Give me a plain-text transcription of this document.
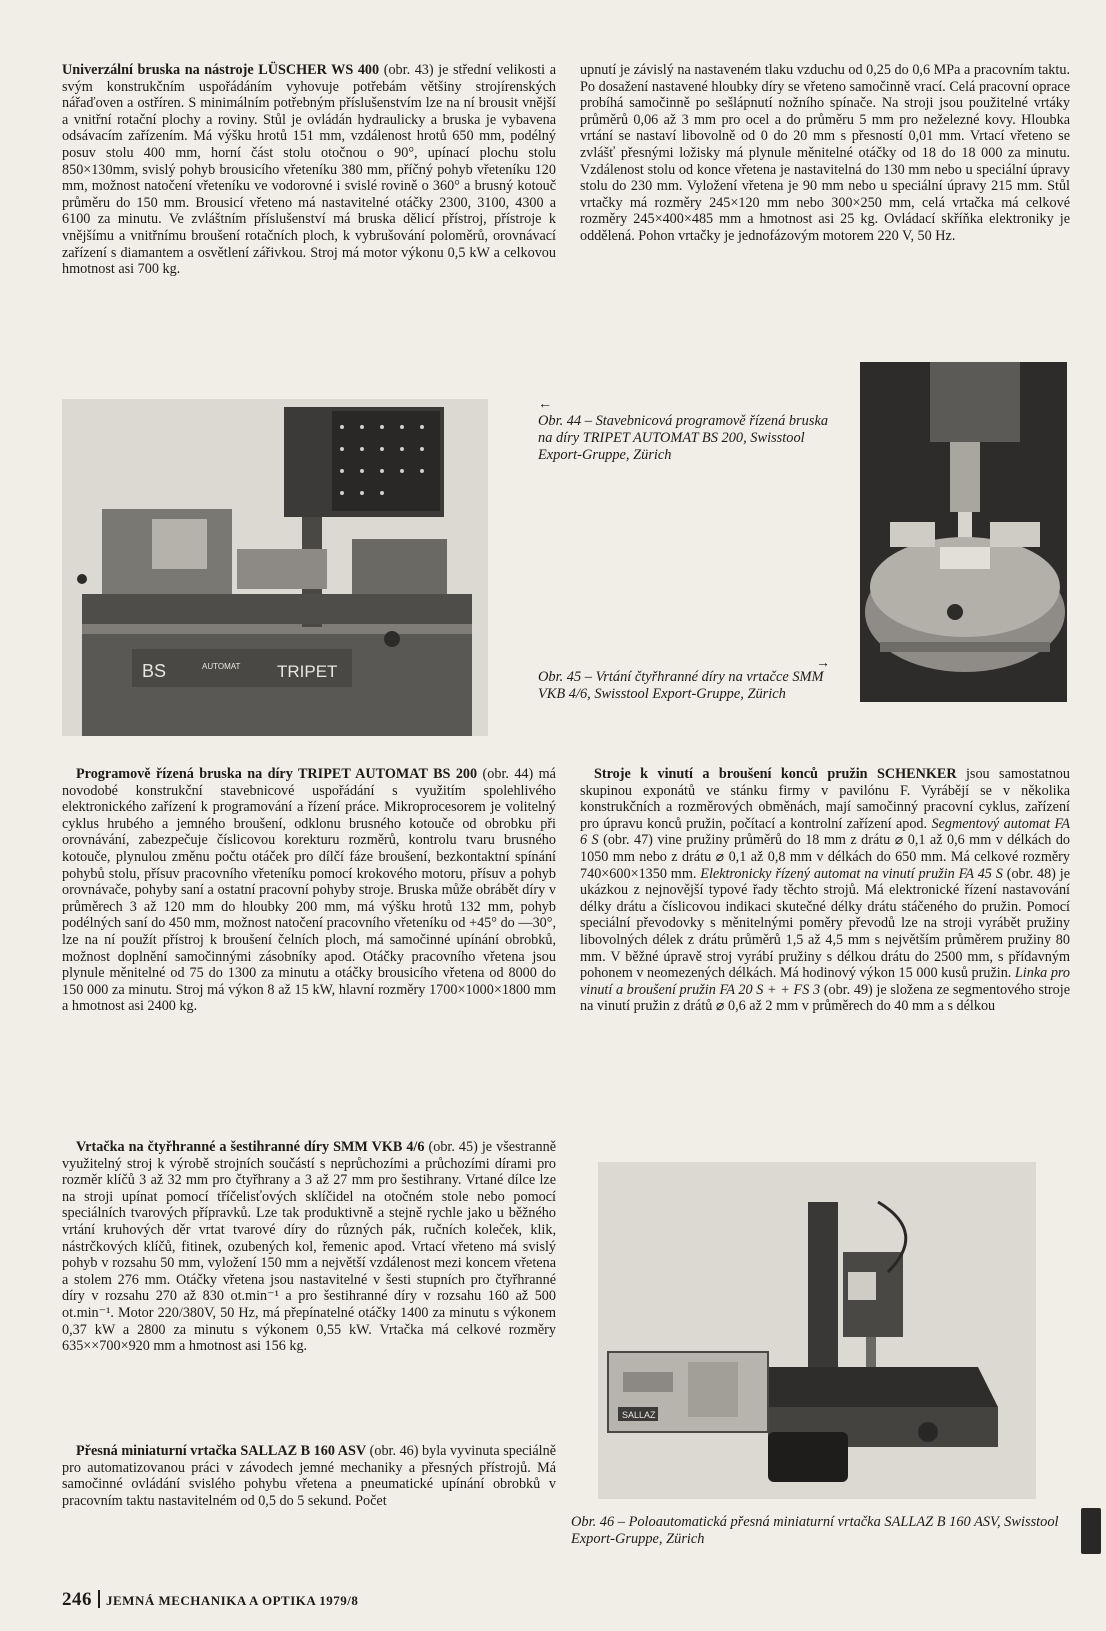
Univerzální bruska na nástroje LÜSCHER WS 400 (obr. 43) je střední velikosti a svým konstrukčním uspořádáním vyhovuje potřebám většiny strojírenských nářaďoven a ostříren. S minimálním potřebným příslušenstvím lze na ní brousit vnější a vnitřní rotační plochy a roviny. Stůl je ovládán hydraulicky a bruska je vybavena odsávacím zařízením. Má výšku hrotů 151 mm, vzdálenost hrotů 650 mm, podélný posuv stolu 400 mm, horní část stolu otočnou o 90°, upínací plochu stolu 850×130mm, svislý pohyb brousicího vřeteníku 380 mm, příčný pohyb vřeteníku 120 mm, možnost natočení vřeteníku ve vodorovné i svislé rovině o 360° a brusný kotouč průměru do 150 mm. Brousicí vřeteno má nastavitelné otáčky 2300, 3100, 4300 a 6100 za minutu. Ve zvláštním příslušenství má bruska dělicí přístroj, přístroje k vnějšímu a vnitřnímu broušení rotačních ploch, k vybrušování poloměrů, orovnávací zařízení s diamantem a osvětlení zářivkou. Stroj má motor výkonu 0,5 kW a celkovou hmotnost asi 700 kg.

upnutí je závislý na nastaveném tlaku vzduchu od 0,25 do 0,6 MPa a pracovním taktu. Po dosažení nastavené hloubky díry se vřeteno samočinně vrací. Celá pracovní oprace probíhá samočinně po sešlápnutí nožního spínače. Na stroji jsou použitelné vrtáky průměrů 0,06 až 3 mm pro ocel a do průměru 5 mm pro neželezné kovy. Hloubka vrtání se nastaví libovolně od 0 do 20 mm s přesností 0,01 mm. Vrtací vřeteno se zvlášť přesnými ložisky má plynule měnitelné otáčky od 18 do 18 000 za minutu. Vzdálenost stolu od konce vřetena je nastavitelná do 130 mm nebo u speciální úpravy stolu do 230 mm. Vyložení vřetena je 90 mm nebo u speciální úpravy 215 mm. Stůl vrtačky má rozměry 245×120 mm nebo 300×250 mm, celá vrtačka má celkové rozměry 245×400×485 mm a hmotnost asi 25 kg. Ovládací skříňka elektroniky je oddělená. Pohon vrtačky je jednofázovým motorem 220 V, 50 Hz.

BS	AUTOMAT TRIPET
←
Obr. 44 – Stavebnicová programově řízená bruska na díry TRIPET AUTOMAT BS 200, Swisstool Export-Gruppe, Zürich
→
Obr. 45 – Vrtání čtyřhranné díry na vrtačce SMM VKB 4/6, Swisstool Export-Gruppe, Zürich

Programově řízená bruska na díry TRIPET AUTOMAT BS 200 (obr. 44) má novodobé konstrukční stavebnicové uspořádání s využitím spolehlivého elektronického zařízení k programování a řízení práce. Mikroprocesorem je volitelný cyklus hrubého a jemného broušení, odklonu brusného kotouče od obrobku při orovnávání, zabezpečuje číslicovou korekturu rozměrů, kontrolu tvaru brusného kotouče, plynulou změnu počtu otáček pro dílčí fáze broušení, bezkontaktní spínání pohybů stolu, přísuv pracovního vřeteníku pomocí krokového motoru, přísuv a pohyb orovnávače, pohyby saní a ostatní pracovní pohyby stroje. Bruska může obrábět díry v průměrech 3 až 120 mm do hloubky 200 mm, má výšku hrotů 132 mm, pohyb podélných saní do 450 mm, možnost natočení pracovního vřeteníku od +45° do —30°, lze na ní použít přístroj k broušení čelních ploch, má samočinné upínání obrobků, možnost doplnění samočinnými zásobníky apod. Otáčky pracovního vřetena jsou plynule měnitelné od 75 do 1300 za minutu a otáčky brousicího vřetena od 8000 do 150 000 za minutu. Stroj má výkon 8 až 15 kW, hlavní rozměry 1700×1000×1800 mm a hmotnost asi 2400 kg.

Vrtačka na čtyřhranné a šestihranné díry SMM VKB 4/6 (obr. 45) je všestranně využitelný stroj k výrobě strojních součástí s neprůchozími a průchozími dírami pro rozměr klíčů 3 až 32 mm pro čtyřhrany a 3 až 27 mm pro šestihrany. Vrtané dílce lze na stroji upínat pomocí tříčelisťových sklíčidel na otočném stole nebo pomocí speciálních tvarových přípravků. Lze tak produktivně a stejně rychle jako u běžného vrtání kruhových děr vrtat tvarové díry do různých pák, ručních koleček, klik, nástrčkových klíčů, fitinek, ozubených kol, řemenic apod. Vrtací vřeteno má svislý pohyb v rozsahu 50 mm, vyložení 150 mm a největší vzdálenost mezi koncem vřetena a stolem 276 mm. Otáčky vřetena jsou nastavitelné v šesti stupních pro čtyřhranné díry v rozsahu 270 až 830 ot.min⁻¹ a pro šestihranné díry v rozsahu 160 až 500 ot.min⁻¹. Motor 220/380V, 50 Hz, má přepínatelné otáčky 1400 za minutu s výkonem 0,37 kW a 2800 za minutu s výkonem 0,55 kW. Vrtačka má celkové rozměry 635××700×920 mm a hmotnost asi 156 kg.

Přesná miniaturní vrtačka SALLAZ B 160 ASV (obr. 46) byla vyvinuta speciálně pro automatizovanou práci v závodech jemné mechaniky a přesných přístrojů. Má samočinné ovládání svislého pohybu vřetena a pneumatické upínání obrobků v pracovním taktu nastavitelném od 0,5 do 5 sekund. Počet

Stroje k vinutí a broušení konců pružin SCHENKER jsou samostatnou skupinou exponátů ve stánku firmy v pavilónu F. Vyrábějí se v několika konstrukčních a rozměrových obměnách, mají samočinný pracovní cyklus, zařízení pro úpravu konců pružin, počítací a kontrolní zařízení apod. Segmentový automat FA 6 S (obr. 47) vine pružiny průměrů do 18 mm z drátu ⌀ 0,1 až 0,6 mm v délkách do 1050 mm nebo z drátu ⌀ 0,1 až 0,8 mm v délkách do 650 mm. Má celkové rozměry 740×600×1350 mm. Elektronicky řízený automat na vinutí pružin FA 45 S (obr. 48) je ukázkou z nejnovější typové řady těchto strojů. Má elektronické řízení nastavování délky drátu a číslicovou indikaci skutečné délky drátu stáčeného do pružin. Pomocí speciální převodovky s měnitelnými poměry převodů lze na stroji vyrábět pružiny libovolných délek z drátu průměrů 1,5 až 4,5 mm s největším průměrem pružiny 80 mm. V běžné úpravě stroj vyrábí pružiny s délkou drátu do 2500 mm, s přídavným pohonem v neomezených délkách. Má hodinový výkon 15 000 kusů pružin. Linka pro vinutí a broušení pružin FA 20 S + + FS 3 (obr. 49) je složena ze segmentového stroje na vinutí pružin z drátů ⌀ 0,6 až 2 mm v průměrech do 40 mm a s délkou

SALLAZ
Obr. 46 – Poloautomatická přesná miniaturní vrtačka SALLAZ B 160 ASV, Swisstool Export-Gruppe, Zürich
246 JEMNÁ MECHANIKA A OPTIKA 1979/8
